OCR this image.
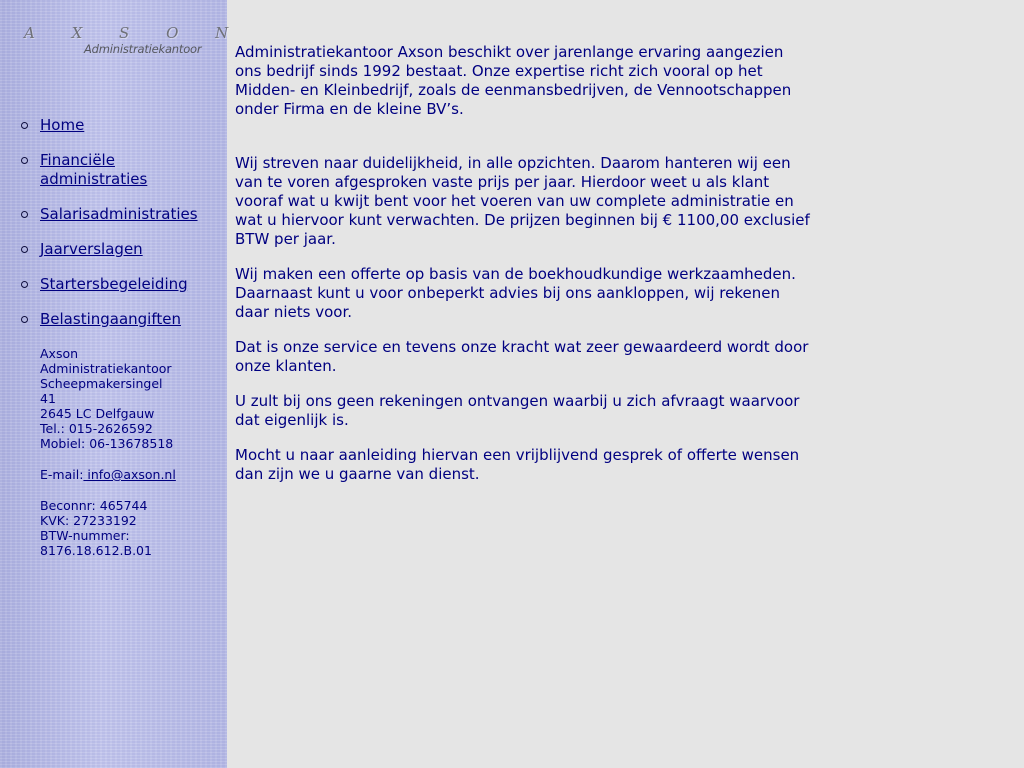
A X S O N
Administratiekantoor
Home
Financiële administraties
Salarisadministraties
Jaarverslagen
Startersbegeleiding
Belastingaangiften
Axson
Administratiekantoor
Scheepmakersingel
41
2645 LC Delfgauw
Tel.: 015-2626592
Mobiel: 06-13678518
E-mail: info@axson.nl
Beconnr: 465744
KVK: 27233192
BTW-nummer:
8176.18.612.B.01

Administratiekantoor Axson beschikt over jarenlange ervaring aangezien ons bedrijf sinds 1992 bestaat. Onze expertise richt zich vooral op het Midden- en Kleinbedrijf, zoals de eenmansbedrijven, de Vennootschappen onder Firma en de kleine BV’s.

Wij streven naar duidelijkheid, in alle opzichten. Daarom hanteren wij een van te voren afgesproken vaste prijs per jaar. Hierdoor weet u als klant vooraf wat u kwijt bent voor het voeren van uw complete administratie en wat u hiervoor kunt verwachten. De prijzen beginnen bij € 1100,00 exclusief BTW per jaar.

Wij maken een offerte op basis van de boekhoudkundige werkzaamheden. Daarnaast kunt u voor onbeperkt advies bij ons aankloppen, wij rekenen daar niets voor.

Dat is onze service en tevens onze kracht wat zeer gewaardeerd wordt door onze klanten.

U zult bij ons geen rekeningen ontvangen waarbij u zich afvraagt waarvoor dat eigenlijk is.

Mocht u naar aanleiding hiervan een vrijblijvend gesprek of offerte wensen dan zijn we u gaarne van dienst.
